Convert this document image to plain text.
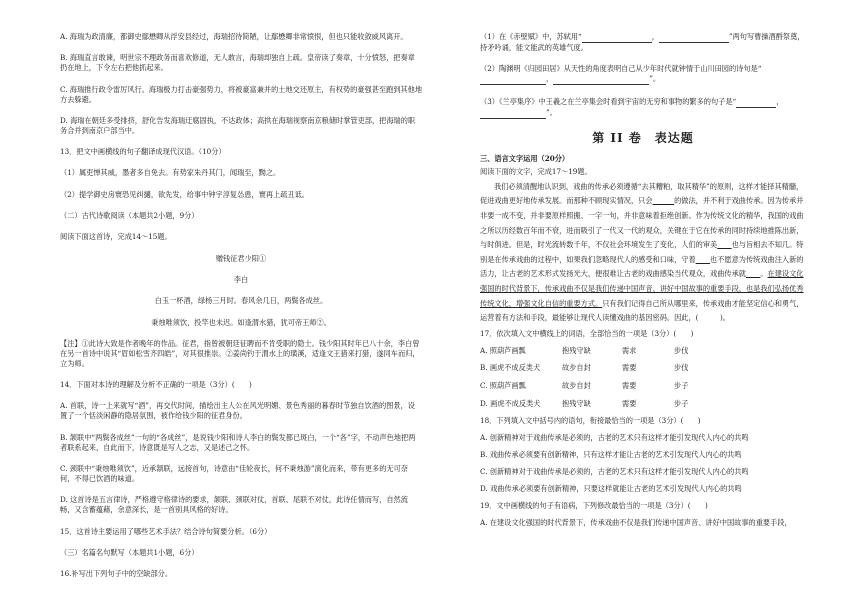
A. 海瑞为政清廉，都御史鄢懋卿从浮安县经过，海瑞招待简陋，让鄢懋卿非常愤恨，但也只能收敛威风离开。

B. 海瑞直言敢谏，明世宗不理政务而喜欢修道，无人敢言，海瑞却独自上疏。皇帝读了奏章，十分愤怒，把奏章扔在地上，下令左右把他抓起来。

C. 海瑞推行政令雷厉风行。海瑞极力打击豪强势力，将被豪富兼并的土地交还原主，有权势的豪强甚至跑到其他地方去躲避。

D. 海瑞在朝廷多受排挤，舒化告发海瑞迂腐固执，不达政体；高拱在海瑞视察南京粮储时掌管吏部，把海瑞的职务合并到南京户部当中。

13．把文中画横线的句子翻译成现代汉语。（10分）

（1）属吏惮其威，墨者多自免去。有势家朱丹其门，闻瑞至，黝之。

（2）提学御史房寰恐见纠擿，欲先发，给事中钟宇淳复怂恿，寰再上疏丑诋。

（二）古代诗歌阅读（本题共2小题，9分）

阅读下面这首诗，完成14～15题。

赠钱征君少阳①

李白

白玉一杯酒，绿杨三月时。春风余几日，两鬓各成丝。

秉烛唯须饮，投竿也未迟。如逢渭水猎，犹可帝王师②。

【注】①此诗大致是作者晚年的作品。征君，指曾被朝廷征聘而不肯受职的隐士。钱少阳其时年已八十余，李白曾在另一首诗中说其“眉如松雪齐四皓”，对其很推崇。②姜尚钓于渭水上的璜溪，适逢文王猎来打猎，遂同车而归，立为师。

14．下面对本诗的理解及分析不正确的一项是（3分）(　　)

A. 首联，诗一上来就写“酒”，再交代时间，描绘出主人公在风光明媚、景色秀丽的暮春时节独自饮酒的图景，设置了一个恬淡闲静的隐居氛围，被作给钱少阳的征君身份。

B. 颔联中“两鬓各成丝”一句的“各成丝”，是说钱少阳和诗人李白的鬓发都已斑白，一个“各”字，不动声色地把两者联系起来，自此而下，诗意既是写人之志，又是述己之怀。

C. 颈联中“秉烛唯须饮”，近承颔联，远接首句，诗意由“佳轮夜长，何不秉烛游”演化而来，带有更多的无可奈何，不得已饮酒的味道。

D. 这首诗是五言律诗，严格遵守格律诗的要求，颔联、颈联对仗，首联、尾联不对仗，此诗任情而写，自然流畅，又含蓄蕴藉，余意深长，是一首别具风格的好诗。

15．这首诗主要运用了哪些艺术手法？结合诗句简要分析。（6分）

（三）名篇名句默写（本题共1小题，6分）

16.补写出下列句子中的空缺部分。

（1）在《赤壁赋》中，苏轼用“	，	”两句写曹操酒酹祭奠，持矛吟诵，能文能武的英雄气度。

（2）陶渊明《归园田居》从天性的角度表明自己从少年时代就钟情于山川田园的诗句是“ ，	”。

（3）《兰亭集序》中王羲之在兰亭集会时看到宇宙的无穷和事物的繁多的句子是“	， ”。

第 II 卷　表达题

三、语言文字运用（20分）

阅读下面的文字，完成17～19题。

我们必须清醒地认识到，戏曲的传承必须遵循“去其糟粕，取其精华”的原则，这样才能择其精髓，促进戏曲更好地传承发展。而那种不顾现实情况，只会　　　	的做法，并不利于戏曲传承。因为传承并非要一成不变，并非要原样照搬、一字一句，并非意味着拒绝创新。作为传统文化的精华，我国的戏曲之所以历经数百年而不衰，进而吸引了一代又一代的观众，关键在于它在传承的同时持续地推陈出新，与时俱进。但是，时光流转数千年，不仅社会环境发生了变化，人们的审美　　 也与旨相去不知几。特别是在传承戏曲的过程中，如果我们忽略现代人的感受和口味，守着　　 也不愿意为传统戏曲注入新的活力，让古老的艺术形式发扬光大，便很难让古老的戏曲感染当代观众，戏曲传承就　　 。在建设文化强国的时代背景下，传承戏曲不仅是我们传递中国声音、讲好中国故事的重要手段，也是我们弘扬优秀传统文化，增强文化自信的重要方式。只有我们记得自己所从哪里来，传承戏曲才能坚定信心和勇气，运营着有方法和手段，最能够让现代人读懂戏曲的基因密码。因此，(　　　)。

17．依次填入文中横线上的词语，全部恰当的一项是（3分）(　　)

A. 照葫芦画瓢	抱残守缺	需求	步伐
B. 画虎不成反类犬	故步自封	需要	步伐
C. 照葫芦画瓢	故步自封	需要	步子
D. 画虎不成反类犬	抱残守缺	需要	步子

18．下列填入文中括号内的语句，衔接最恰当的一项是（3分）(　　)

A. 创新精神对于戏曲传承是必须的，古老的艺术只有这样才能引发现代人内心的共鸣

B. 戏曲传承必须要有创新精神，只有这样才能让古老的艺术引发现代人内心的共鸣

C. 创新精神对于戏曲传承是必须的，古老的艺术只有这样才能引发现代人内心的共鸣

D. 戏曲传承必须要有创新精神，只要这样就能让古老的艺术引发现代人内心的共鸣

19．文中画横线的句子有语病，下列修改最恰当的一项是（3分）(　　)

A. 在建设文化强国的时代背景下，传承戏曲不仅是我们传递中国声音、讲好中国故事的重要手段，
